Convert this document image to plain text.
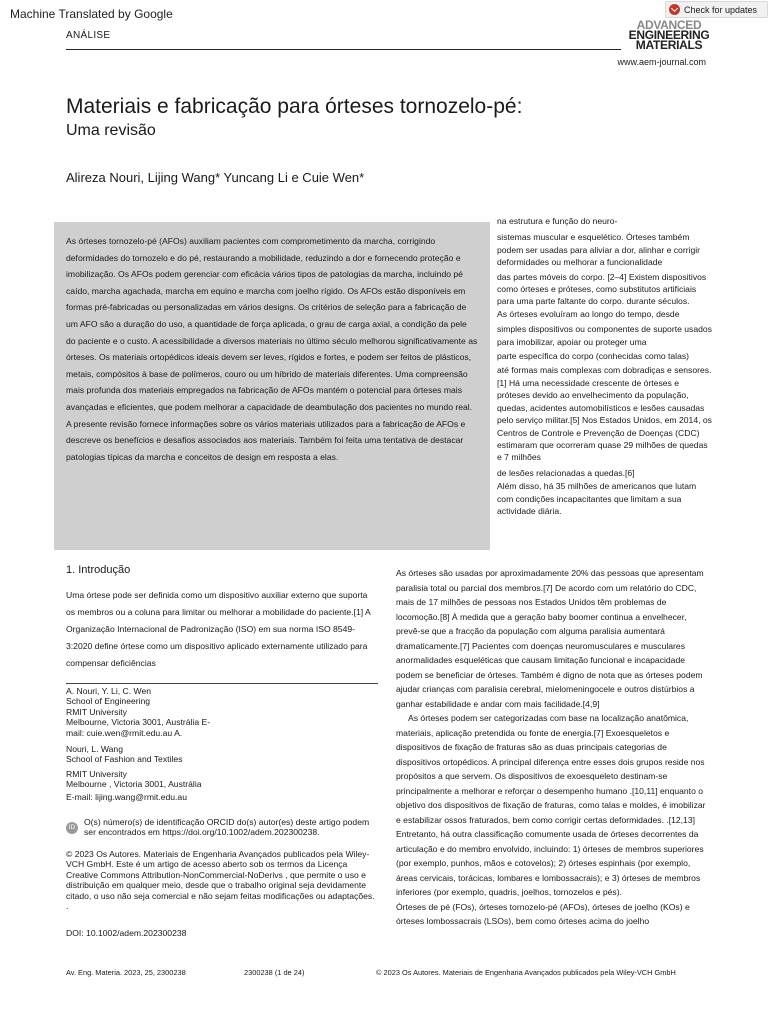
Machine Translated by Google	Check for updates
ANÁLISE
ADVANCED
ENGINEERING
MATERIALS
www.aem-journal.com
Materiais e fabricação para órteses tornozelo-pé:
Uma revisão
Alireza Nouri, Lijing Wang* Yuncang Li e Cuie Wen*

As órteses tornozelo-pé (AFOs) auxiliam pacientes com comprometimento da marcha, corrigindo deformidades do tornozelo e do pé, restaurando a mobilidade, reduzindo a dor e fornecendo proteção e imobilização. Os AFOs podem gerenciar com eficácia vários tipos de patologias da marcha, incluindo pé caído, marcha agachada, marcha em equino e marcha com joelho rígido. Os AFOs estão disponíveis em formas pré-fabricadas ou personalizadas em vários designs. Os critérios de seleção para a fabricação de um AFO são a duração do uso, a quantidade de força aplicada, o grau de carga axial, a condição da pele do paciente e o custo. A acessibilidade a diversos materiais no último século melhorou significativamente as órteses. Os materiais ortopédicos ideais devem ser leves, rígidos e fortes, e podem ser feitos de plásticos, metais, compósitos à base de polímeros, couro ou um híbrido de materiais diferentes. Uma compreensão mais profunda dos materiais empregados na fabricação de AFOs mantém o potencial para órteses mais avançadas e eficientes, que podem melhorar a capacidade de deambulação dos pacientes no mundo real. A presente revisão fornece informações sobre os vários materiais utilizados para a fabricação de AFOs e descreve os benefícios e desafios associados aos materiais. Também foi feita uma tentativa de destacar patologias típicas da marcha e conceitos de design em resposta a elas.

na estrutura e função do neuro-
sistemas muscular e esquelético. Órteses também podem ser usadas para aliviar a dor, alinhar e corrigir deformidades ou melhorar a funcionalidade
das partes móveis do corpo. [2–4] Existem dispositivos como órteses e próteses, como substitutos artificiais para uma parte faltante do corpo. durante séculos.
As órteses evoluíram ao longo do tempo, desde
simples dispositivos ou componentes de suporte usados para imobilizar, apoiar ou proteger uma
parte específica do corpo (conhecidas como talas)
até formas mais complexas com dobradiças e sensores.[1] Há uma necessidade crescente de órteses e próteses devido ao envelhecimento da população, quedas, acidentes automobilísticos e lesões causadas pelo serviço militar.[5] Nos Estados Unidos, em 2014, os Centros de Controle e Prevenção de Doenças (CDC) estimaram que ocorreram quase 29 milhões de quedas e 7 milhões
de lesões relacionadas a quedas.[6]
Além disso, há 35 milhões de americanos que lutam com condições incapacitantes que limitam a sua actividade diária.
1. Introdução
Uma órtese pode ser definida como um dispositivo auxiliar externo que suporta os membros ou a coluna para limitar ou melhorar a mobilidade do paciente.[1] A Organização Internacional de Padronização (ISO) em sua norma ISO 8549-3:2020 define órtese como um dispositivo aplicado externamente utilizado para compensar deficiências
A. Nouri, Y. Li, C. Wen
School of Engineering
RMIT University
Melbourne, Victoria 3001, Austrália E-
mail: cuie.wen@rmit.edu.au A.
Nouri, L. Wang
School of Fashion and Textiles
RMIT University
Melbourne , Victoria 3001, Austrália
E-mail: lijing.wang@rmit.edu.au
ID
O(s) número(s) de identificação ORCID do(s) autor(es) deste artigo podem ser encontrados em https://doi.org/10.1002/adem.202300238.
© 2023 Os Autores. Materiais de Engenharia Avançados publicados pela Wiley-VCH GmbH. Este é um artigo de acesso aberto sob os termos da Licença Creative Commons Attribution-NonCommercial-NoDerivs , que permite o uso e distribuição em qualquer meio, desde que o trabalho original seja devidamente citado, o uso não seja comercial e não sejam feitas modificações ou adaptações. .
DOI: 10.1002/adem.202300238

As órteses são usadas por aproximadamente 20% das pessoas que apresentam paralisia total ou parcial dos membros.[7] De acordo com um relatório do CDC, mais de 17 milhões de pessoas nos Estados Unidos têm problemas de locomoção.[8] À medida que a geração baby boomer continua a envelhecer, prevê-se que a fracção da população com alguma paralisia aumentará dramaticamente.[7] Pacientes com doenças neuromusculares e musculares anormalidades esqueléticas que causam limitação funcional e incapacidade podem se beneficiar de órteses. Também é digno de nota que as órteses podem ajudar crianças com paralisia cerebral, mielomeningocele e outros distúrbios a ganhar estabilidade e andar com mais facilidade.[4,9]

As órteses podem ser categorizadas com base na localização anatômica, materiais, aplicação pretendida ou fonte de energia.[7] Exoesqueletos e dispositivos de fixação de fraturas são as duas principais categorias de dispositivos ortopédicos. A principal diferença entre esses dois grupos reside nos propósitos a que servem. Os dispositivos de exoesqueleto destinam-se principalmente a melhorar e reforçar o desempenho humano .[10,11] enquanto o objetivo dos dispositivos de fixação de fraturas, como talas e moldes, é imobilizar e estabilizar ossos fraturados, bem como corrigir certas deformidades. .[12,13] Entretanto, há outra classificação comumente usada de órteses decorrentes da articulação e do membro envolvido, incluindo: 1) órteses de membros superiores (por exemplo, punhos, mãos e cotovelos); 2) órteses espinhais (por exemplo, áreas cervicais, torácicas, lombares e lombossacrais); e 3) órteses de membros inferiores (por exemplo, quadris, joelhos, tornozelos e pés).

Órteses de pé (FOs), órteses tornozelo-pé (AFOs), órteses de joelho (KOs) e órteses lombossacrais (LSOs), bem como órteses acima do joelho

Av. Eng. Materia. 2023, 25, 2300238	2300238 (1 de 24)	© 2023 Os Autores. Materiais de Engenharia Avançados publicados pela Wiley-VCH GmbH
